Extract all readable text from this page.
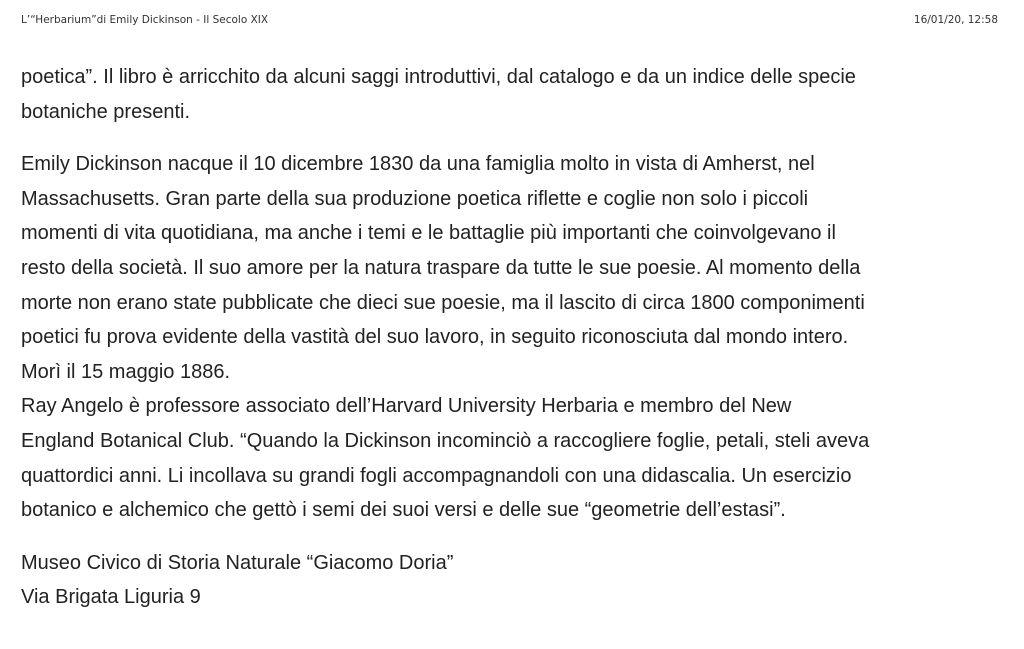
L’“Herbarium”di Emily Dickinson - Il Secolo XIX	16/01/20, 12:58

poetica”. Il libro è arricchito da alcuni saggi introduttivi, dal catalogo e da un indice delle specie
botaniche presenti.

Emily Dickinson nacque il 10 dicembre 1830 da una famiglia molto in vista di Amherst, nel
Massachusetts. Gran parte della sua produzione poetica riflette e coglie non solo i piccoli
momenti di vita quotidiana, ma anche i temi e le battaglie più importanti che coinvolgevano il
resto della società. Il suo amore per la natura traspare da tutte le sue poesie. Al momento della
morte non erano state pubblicate che dieci sue poesie, ma il lascito di circa 1800 componimenti
poetici fu prova evidente della vastità del suo lavoro, in seguito riconosciuta dal mondo intero.
Morì il 15 maggio 1886.

Ray Angelo è professore associato dell’Harvard University Herbaria e membro del New
England Botanical Club. “Quando la Dickinson incominciò a raccogliere foglie, petali, steli aveva
quattordici anni. Li incollava su grandi fogli accompagnandoli con una didascalia. Un esercizio
botanico e alchemico che gettò i semi dei suoi versi e delle sue “geometrie dell’estasi”.

Museo Civico di Storia Naturale “Giacomo Doria”
Via Brigata Liguria 9
